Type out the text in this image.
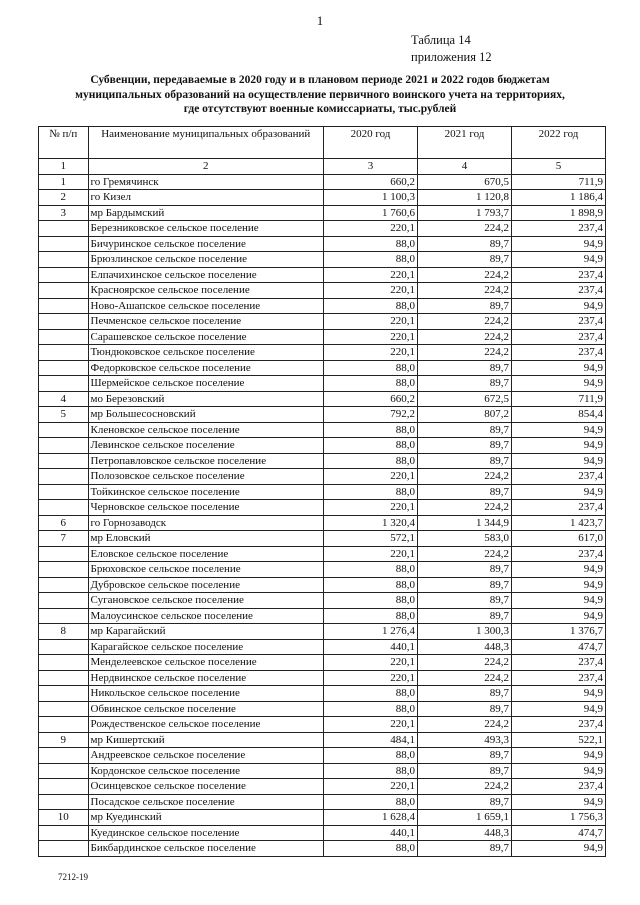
1
Таблица 14
приложения 12
Субвенции, передаваемые в 2020 году и в плановом периоде 2021 и 2022 годов бюджетам
муниципальных образований на осуществление первичного воинского учета на территориях,
где отсутствуют военные комиссариаты, тыс.рублей
№ п/п	Наименование муниципальных образований	2020 год	2021 год	2022 год
1	2	3	4	5
1	го Гремячинск	660,2	670,5	711,9
2	го Кизел	1 100,3	1 120,8	1 186,4
3	мр Бардымский	1 760,6	1 793,7	1 898,9
	Березниковское сельское поселение	220,1	224,2	237,4
	Бичуринское сельское поселение	88,0	89,7	94,9
	Брюзлинское сельское поселение	88,0	89,7	94,9
	Елпачихинское сельское поселение	220,1	224,2	237,4
	Красноярское сельское поселение	220,1	224,2	237,4
	Ново-Ашапское сельское поселение	88,0	89,7	94,9
	Печменское сельское поселение	220,1	224,2	237,4
	Сарашевское сельское поселение	220,1	224,2	237,4
	Тюндюковское сельское поселение	220,1	224,2	237,4
	Федорковское сельское поселение	88,0	89,7	94,9
	Шермейское сельское поселение	88,0	89,7	94,9
4	мо Березовский	660,2	672,5	711,9
5	мр Большесосновский	792,2	807,2	854,4
	Кленовское сельское поселение	88,0	89,7	94,9
	Левинское сельское поселение	88,0	89,7	94,9
	Петропавловское сельское поселение	88,0	89,7	94,9
	Полозовское сельское поселение	220,1	224,2	237,4
	Тойкинское сельское поселение	88,0	89,7	94,9
	Черновское сельское поселение	220,1	224,2	237,4
6	го Горнозаводск	1 320,4	1 344,9	1 423,7
7	мр Еловский	572,1	583,0	617,0
	Еловское сельское поселение	220,1	224,2	237,4
	Брюховское сельское поселение	88,0	89,7	94,9
	Дубровское сельское поселение	88,0	89,7	94,9
	Сугановское сельское поселение	88,0	89,7	94,9
	Малоусинское сельское поселение	88,0	89,7	94,9
8	мр Карагайский	1 276,4	1 300,3	1 376,7
	Карагайское сельское поселение	440,1	448,3	474,7
	Менделеевское сельское поселение	220,1	224,2	237,4
	Нердвинское сельское поселение	220,1	224,2	237,4
	Никольское сельское поселение	88,0	89,7	94,9
	Обвинское сельское поселение	88,0	89,7	94,9
	Рождественское сельское поселение	220,1	224,2	237,4
9	мр Кишертский	484,1	493,3	522,1
	Андреевское сельское поселение	88,0	89,7	94,9
	Кордонское сельское поселение	88,0	89,7	94,9
	Осинцевское сельское поселение	220,1	224,2	237,4
	Посадское сельское поселение	88,0	89,7	94,9
10	мр Куединский	1 628,4	1 659,1	1 756,3
	Куединское сельское поселение	440,1	448,3	474,7
	Бикбардинское сельское поселение	88,0	89,7	94,9
7212-19
